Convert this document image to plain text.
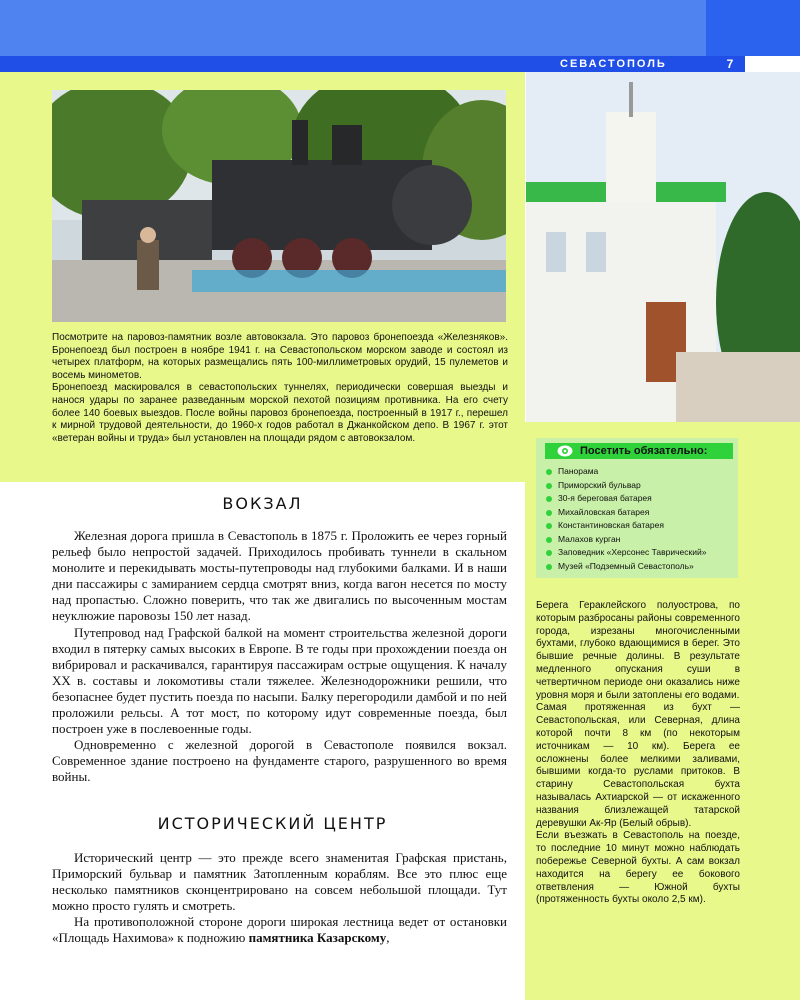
СЕВАСТОПОЛЬ	7

Посмотрите на паровоз-памятник возле автовокзала. Это паровоз бронепоезда «Железняков». Бронепоезд был построен в ноябре 1941 г. на Севастопольском морском заводе и состоял из четырех платформ, на которых размещались пять 100-миллиметровых орудий, 15 пулеметов и восемь минометов.

Бронепоезд маскировался в севастопольских туннелях, периодически совершая выезды и нанося удары по заранее разведанным морской пехотой позициям противника. На его счету более 140 боевых выездов. После войны паровоз бронепоезда, построенный в 1917 г., перешел к мирной трудовой деятельности, до 1960-х годов работал в Джанкойском депо. В 1967 г. этот «ветеран войны и труда» был установлен на площади рядом с автовокзалом.

Посетить обязательно:
Панорама
Приморский бульвар
30-я береговая батарея
Михайловская батарея
Константиновская батарея
Малахов курган
Заповедник «Херсонес Таврический»
Музей «Подземный Севастополь»
ВОКЗАЛ

Железная дорога пришла в Севастополь в 1875 г. Проложить ее через горный рельеф было непростой задачей. Приходилось пробивать туннели в скальном монолите и перекидывать мосты-путепроводы над глубокими балками. И в наши дни пассажиры с замиранием сердца смотрят вниз, когда вагон несется по мосту над пропастью. Сложно поверить, что так же двигались по высоченным мостам неуклюжие паровозы 150 лет назад.

Путепровод над Графской балкой на момент строительства железной дороги входил в пятерку самых высоких в Европе. В те годы при прохождении поезда он вибрировал и раскачивался, гарантируя пассажирам острые ощущения. К началу XX в. составы и локомотивы стали тяжелее. Железнодорожники решили, что безопаснее будет пустить поезда по насыпи. Балку перегородили дамбой и по ней проложили рельсы. А тот мост, по которому идут современные поезда, был построен уже в послевоенные годы.

Одновременно с железной дорогой в Севастополе появился вокзал. Современное здание построено на фундаменте старого, разрушенного во время войны.

ИСТОРИЧЕСКИЙ ЦЕНТР

Исторический центр — это прежде всего знаменитая Графская пристань, Приморский бульвар и памятник Затопленным кораблям. Все это плюс еще несколько памятников сконцентрировано на совсем небольшой площади. Тут можно просто гулять и смотреть.

На противоположной стороне дороги широкая лестница ведет от остановки «Площадь Нахимова» к подножию памятника Казарскому,

Берега Гераклейского полуострова, по которым разбросаны районы современного города, изрезаны многочисленными бухтами, глубоко вдающимися в берег. Это бывшие речные долины. В результате медленного опускания суши в четвертичном периоде они оказались ниже уровня моря и были затоплены его водами.

Самая протяженная из бухт — Севастопольская, или Северная, длина которой почти 8 км (по некоторым источникам — 10 км). Берега ее осложнены более мелкими заливами, бывшими когда-то руслами притоков. В старину Севастопольская бухта называлась Ахтиарской — от искаженного названия близлежащей татарской деревушки Ак-Яр (Белый обрыв).

Если въезжать в Севастополь на поезде, то последние 10 минут можно наблюдать побережье Северной бухты. А сам вокзал находится на берегу ее бокового ответвления — Южной бухты (протяженность бухты около 2,5 км).
